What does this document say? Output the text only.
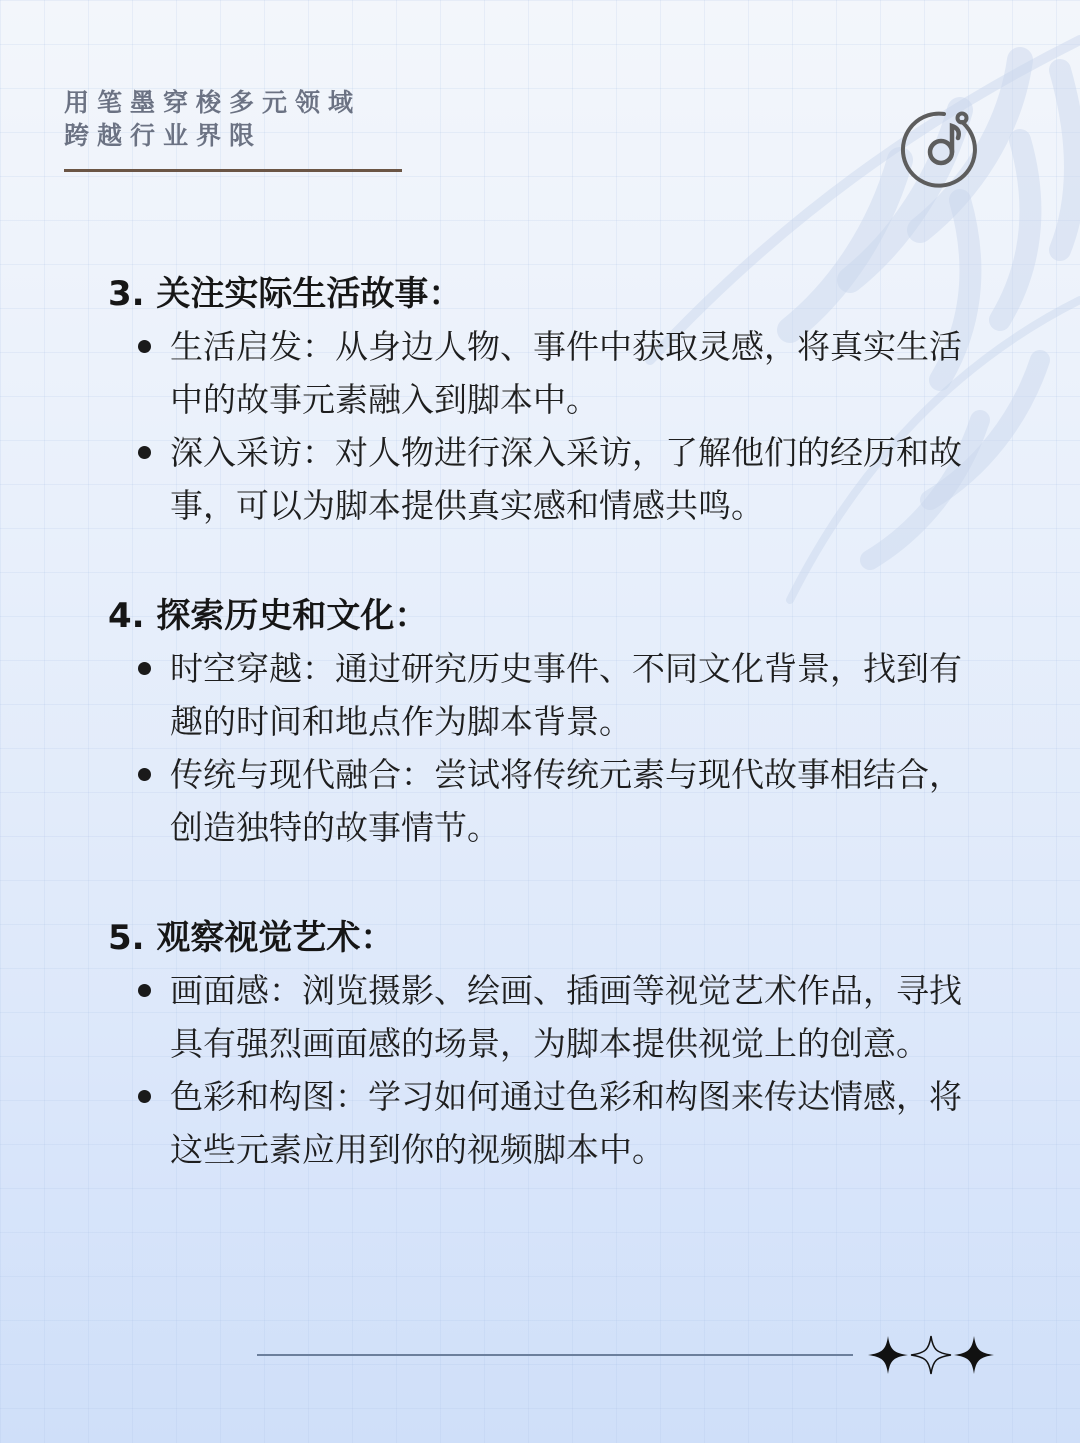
用笔墨穿梭多元领域
跨越行业界限
3. 关注实际生活故事：
生活启发：从身边人物、事件中获取灵感，将真实生活中的故事元素融入到脚本中。
深入采访：对人物进行深入采访，了解他们的经历和故事，可以为脚本提供真实感和情感共鸣。
4. 探索历史和文化：
时空穿越：通过研究历史事件、不同文化背景，找到有趣的时间和地点作为脚本背景。
传统与现代融合：尝试将传统元素与现代故事相结合，创造独特的故事情节。
5. 观察视觉艺术：
画面感：浏览摄影、绘画、插画等视觉艺术作品，寻找具有强烈画面感的场景，为脚本提供视觉上的创意。
色彩和构图：学习如何通过色彩和构图来传达情感，将这些元素应用到你的视频脚本中。
